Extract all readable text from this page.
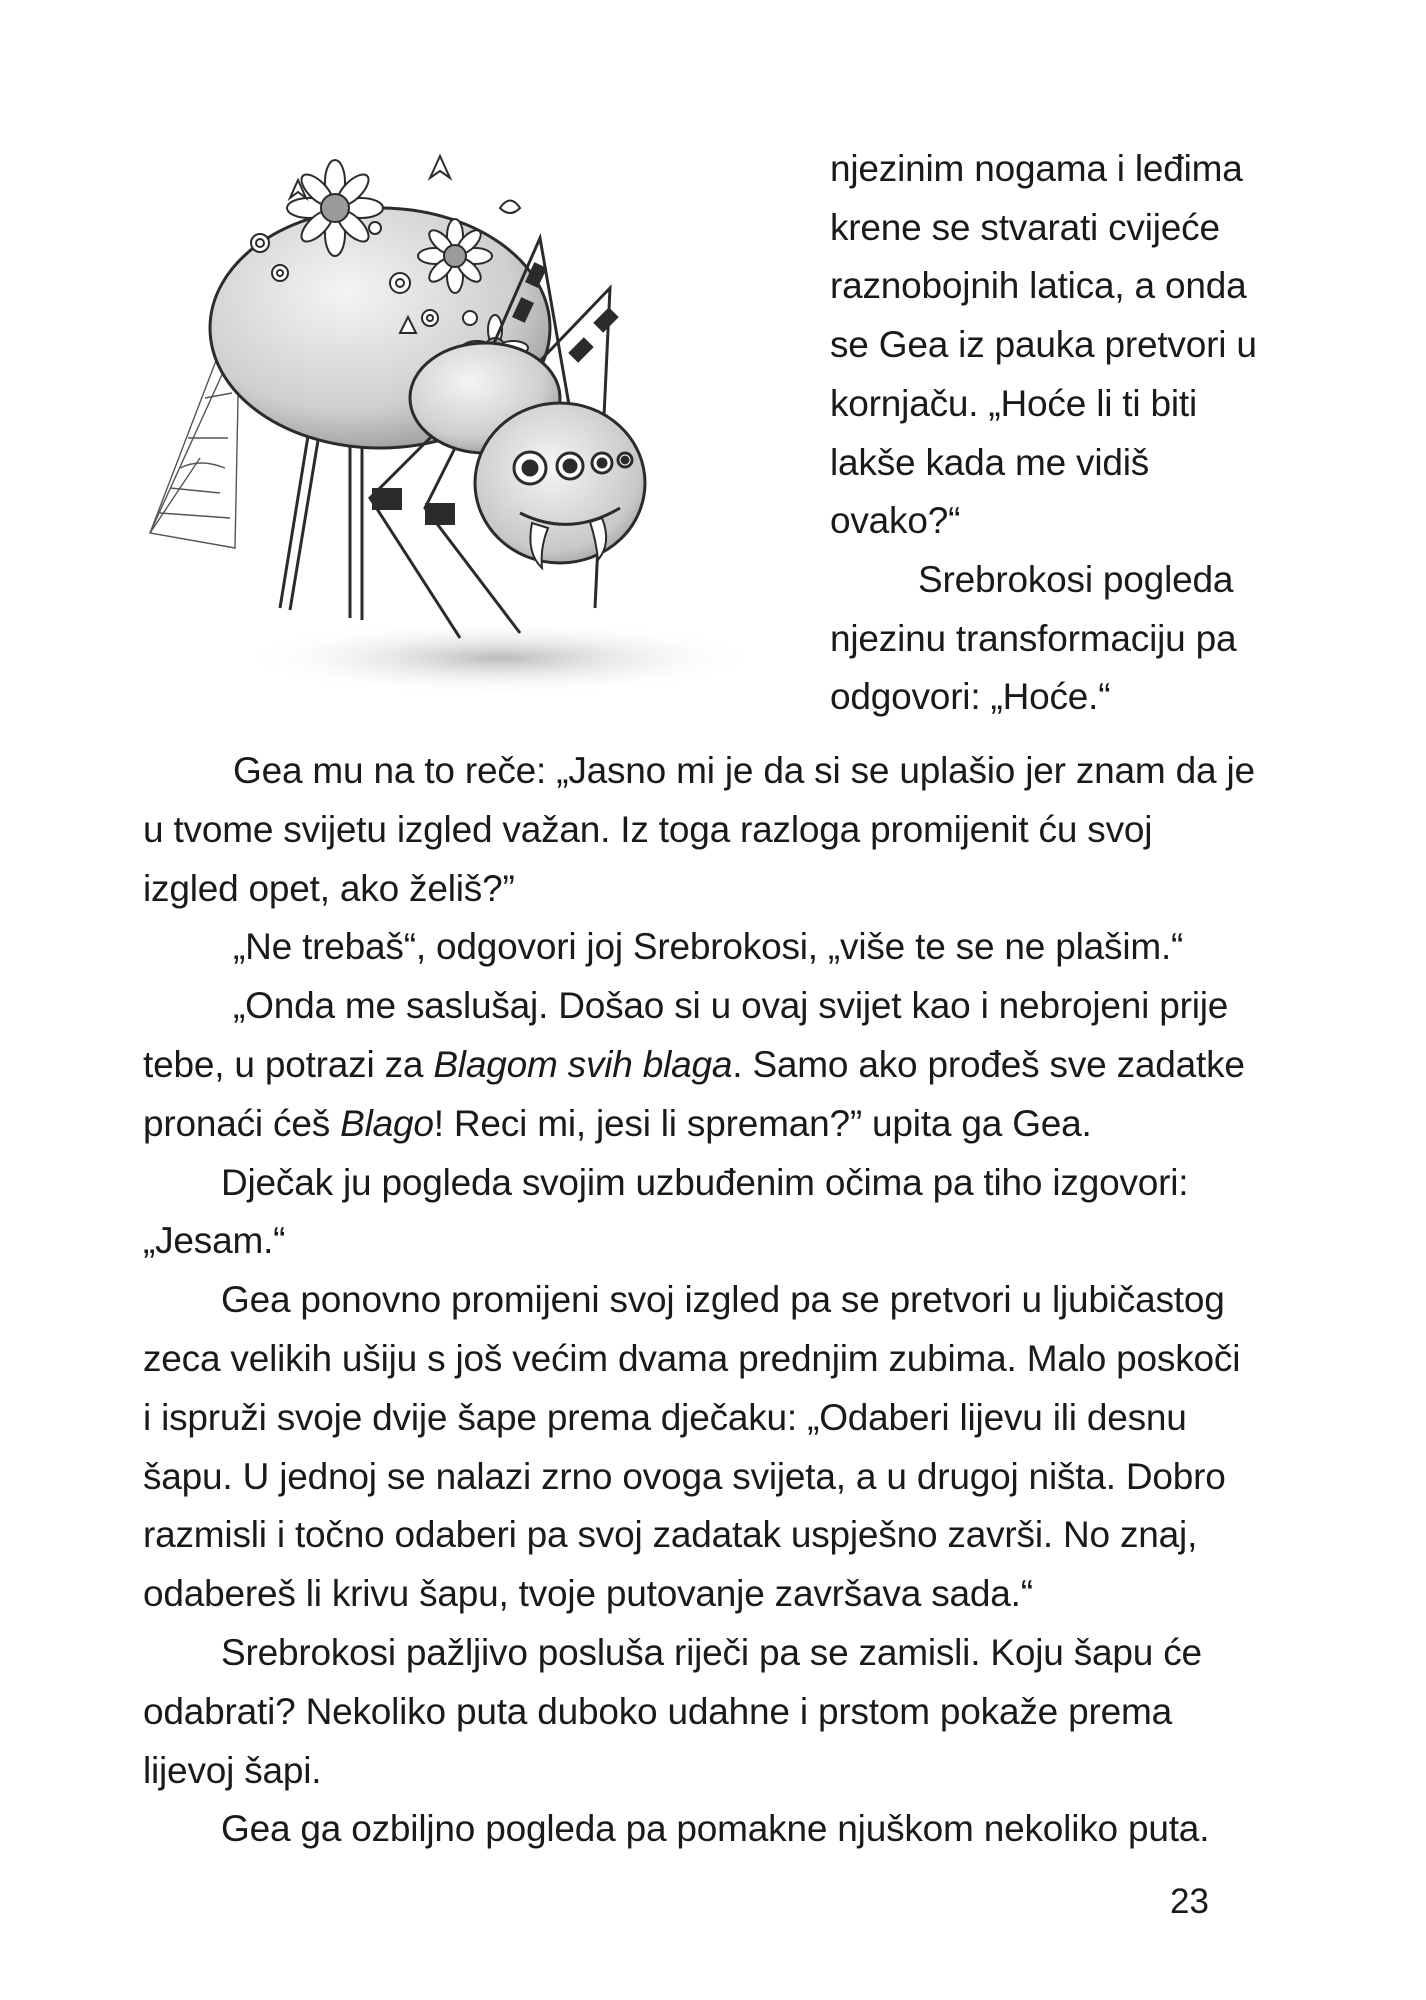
njezinim nogama i leđima
krene se stvarati cvijeće
raznobojnih latica, a onda
se Gea iz pauka pretvori u
kornjaču. „Hoće li ti biti
lakše kada me vidiš
ovako?“
Srebrokosi pogleda
njezinu transformaciju pa
odgovori: „Hoće.“
Gea mu na to reče: „Jasno mi je da si se uplašio jer znam da je
u tvome svijetu izgled važan. Iz toga razloga promijenit ću svoj
izgled opet, ako želiš?”
„Ne trebaš“, odgovori joj Srebrokosi, „više te se ne plašim.“
„Onda me saslušaj. Došao si u ovaj svijet kao i nebrojeni prije
tebe, u potrazi za Blagom svih blaga. Samo ako prođeš sve zadatke
pronaći ćeš Blago! Reci mi, jesi li spreman?” upita ga Gea.
Dječak ju pogleda svojim uzbuđenim očima pa tiho izgovori:
„Jesam.“
Gea ponovno promijeni svoj izgled pa se pretvori u ljubičastog
zeca velikih ušiju s još većim dvama prednjim zubima. Malo poskoči
i ispruži svoje dvije šape prema dječaku: „Odaberi lijevu ili desnu
šapu. U jednoj se nalazi zrno ovoga svijeta, a u drugoj ništa. Dobro
razmisli i točno odaberi pa svoj zadatak uspješno završi. No znaj,
odabereš li krivu šapu, tvoje putovanje završava sada.“
Srebrokosi pažljivo posluša riječi pa se zamisli. Koju šapu će
odabrati? Nekoliko puta duboko udahne i prstom pokaže prema
lijevoj šapi.
Gea ga ozbiljno pogleda pa pomakne njuškom nekoliko puta.
23
